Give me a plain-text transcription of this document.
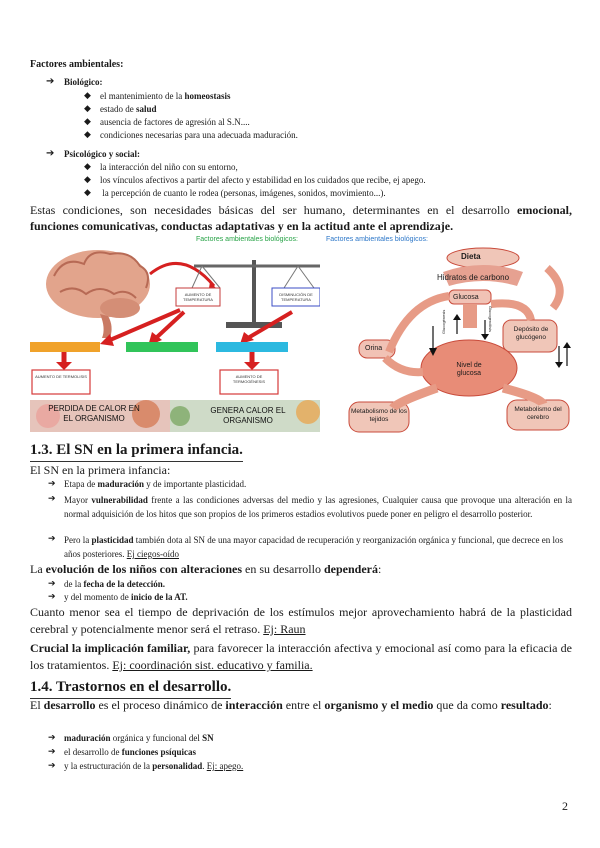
Factores ambientales:
➔ Biológico:
◆ el mantenimiento de la homeostasis
◆ estado de salud
◆ ausencia de factores de agresión al S.N....
◆ condiciones necesarias para una adecuada maduración.
➔ Psicológico y social:
◆ la interacción del niño con su entorno,
◆ los vínculos afectivos a partir del afecto y estabilidad en los cuidados que recibe, ej apego.
◆ la percepción de cuanto le rodea (personas, imágenes, sonidos, movimiento...).
Estas condiciones, son necesidades básicas del ser humano, determinantes en el desarrollo emocional, funciones comunicativas, conductas adaptativas y en la actitud ante el aprendizaje.
AUMENTO DE TEMPERATURA
DISMINUCIÓN DE TEMPERATURA
AUMENTO DE TERMOLISIS	AUMENTO DE TERMOGÉNESIS
PERDIDA DE CALOR EN EL ORGANISMO
GENERA CALOR EL ORGANISMO
Factores ambientales biológicos:	Factores ambientales biológicos:
Dieta
Hidratos de carbono
Glucosa
Depósito de glucógeno
Orina
Nivel de glucosa
Metabolismo de los tejidos
Metabolismo del cerebro
Glucogénesis	Glucogenólisis
1.3. El SN en la primera infancia.
El SN en la primera infancia:
➔ Etapa de maduración y de importante plasticidad.
➔ Mayor vulnerabilidad frente a las condiciones adversas del medio y las agresiones, Cualquier causa que provoque una alteración en la normal adquisición de los hitos que son propios de los primeros estadios evolutivos puede poner en peligro el desarrollo posterior.
➔ Pero la plasticidad también dota al SN de una mayor capacidad de recuperación y reorganización orgánica y funcional, que decrece en los años posteriores. Ej ciegos-oído
La evolución de los niños con alteraciones en su desarrollo dependerá:
➔ de la fecha de la detección.
➔ y del momento de inicio de la AT.
Cuanto menor sea el tiempo de deprivación de los estímulos mejor aprovechamiento habrá de la plasticidad cerebral y potencialmente menor será el retraso. Ej: Raun
Crucial la implicación familiar, para favorecer la interacción afectiva y emocional así como para la eficacia de los tratamientos. Ej: coordinación sist. educativo y familia.
1.4. Trastornos en el desarrollo.
El desarrollo es el proceso dinámico de interacción entre el organismo y el medio que da como resultado:
➔ maduración orgánica y funcional del SN
➔ el desarrollo de funciones psíquicas
➔ y la estructuración de la personalidad. Ej: apego.
2
